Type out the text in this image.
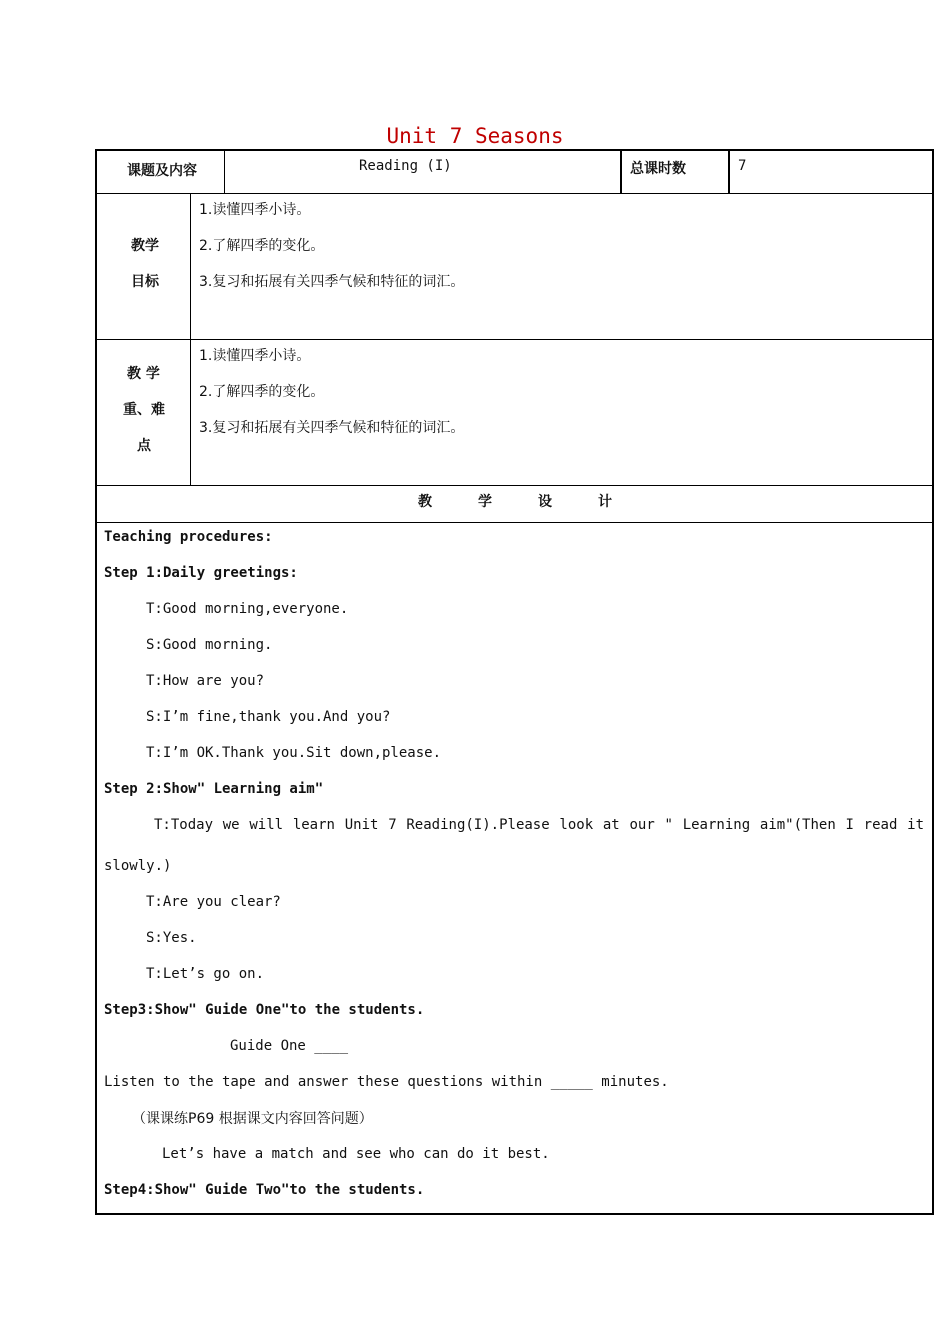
Unit 7 Seasons
课题及内容	Reading (I)	总课时数	7
教学
目标
1.读懂四季小诗。
2.了解四季的变化。
3.复习和拓展有关四季气候和特征的词汇。
教 学
重、难
点
1.读懂四季小诗。
2.了解四季的变化。
3.复习和拓展有关四季气候和特征的词汇。
教	学	设	计
Teaching procedures:
Step 1:Daily greetings:
T:Good morning,everyone.
S:Good morning.
T:How are you?
S:I’m fine,thank you.And you?
T:I’m OK.Thank you.Sit down,please.
Step 2:Show" Learning aim"
T:Today we will learn Unit 7 Reading(I).Please look at our " Learning aim"(Then I read it
slowly.)
T:Are you clear?
S:Yes.
T:Let’s go on.
Step3:Show" Guide One"to the students.
Guide One ____
Listen to the tape and answer these questions within _____ minutes.
（课课练P69 根据课文内容回答问题）
Let’s have a match and see who can do it best.
Step4:Show" Guide Two"to the students.
